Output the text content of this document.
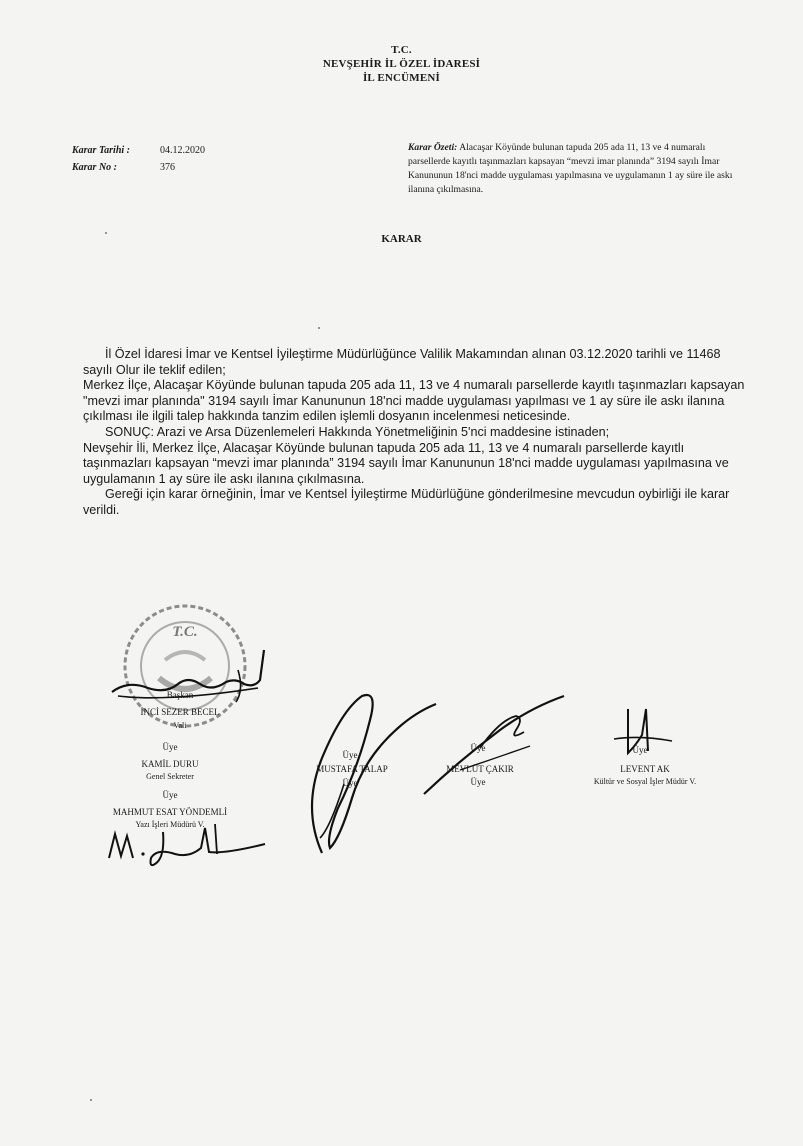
T.C.
NEVŞEHİR İL ÖZEL İDARESİ
İL ENCÜMENİ
Karar Tarihi :	04.12.2020
Karar No :	376
Karar Özeti: Alacaşar Köyünde bulunan tapuda 205 ada 11, 13 ve 4 numaralı parsellerde kayıtlı taşınmazları kapsayan “mevzi imar planında” 3194 sayılı İmar Kanununun 18'nci madde uygulaması yapılmasına ve uygulamanın 1 ay süre ile askı ilanına çıkılmasına.
KARAR

İl Özel İdaresi İmar ve Kentsel İyileştirme Müdürlüğünce Valilik Makamından alınan 03.12.2020 tarihli ve 11468 sayılı Olur ile teklif edilen;

Merkez İlçe, Alacaşar Köyünde bulunan tapuda 205 ada 11, 13 ve 4 numaralı parsellerde kayıtlı taşınmazları kapsayan "mevzi imar planında" 3194 sayılı İmar Kanununun 18'nci madde uygulaması yapılması ve 1 ay süre ile askı ilanına çıkılması ile ilgili talep hakkında tanzim edilen işlemli dosyanın incelenmesi neticesinde.

SONUÇ: Arazi ve Arsa Düzenlemeleri Hakkında Yönetmeliğinin 5'nci maddesine istinaden;

Nevşehir İli, Merkez İlçe, Alacaşar Köyünde bulunan tapuda 205 ada 11, 13 ve 4 numaralı parsellerde kayıtlı taşınmazları kapsayan “mevzi imar planında” 3194 sayılı İmar Kanununun 18'nci madde uygulaması yapılmasına ve uygulamanın 1 ay süre ile askı ilanına çıkılmasına.

Gereği için karar örneğinin, İmar ve Kentsel İyileştirme Müdürlüğüne gönderilmesine mevcudun oybirliği ile karar verildi.

T.C.
Başkan
İNCİ SEZER BECEL
Vali
Üye
KAMİL DURU
Genel Sekreter
Üye
MAHMUT ESAT YÖNDEMLİ
Yazı İşleri Müdürü V.
Üye
MUSTAFA TALAP
Üye
Üye
MEVLÜT ÇAKIR
Üye
Üye
LEVENT AK
Kültür ve Sosyal İşler Müdür V.
